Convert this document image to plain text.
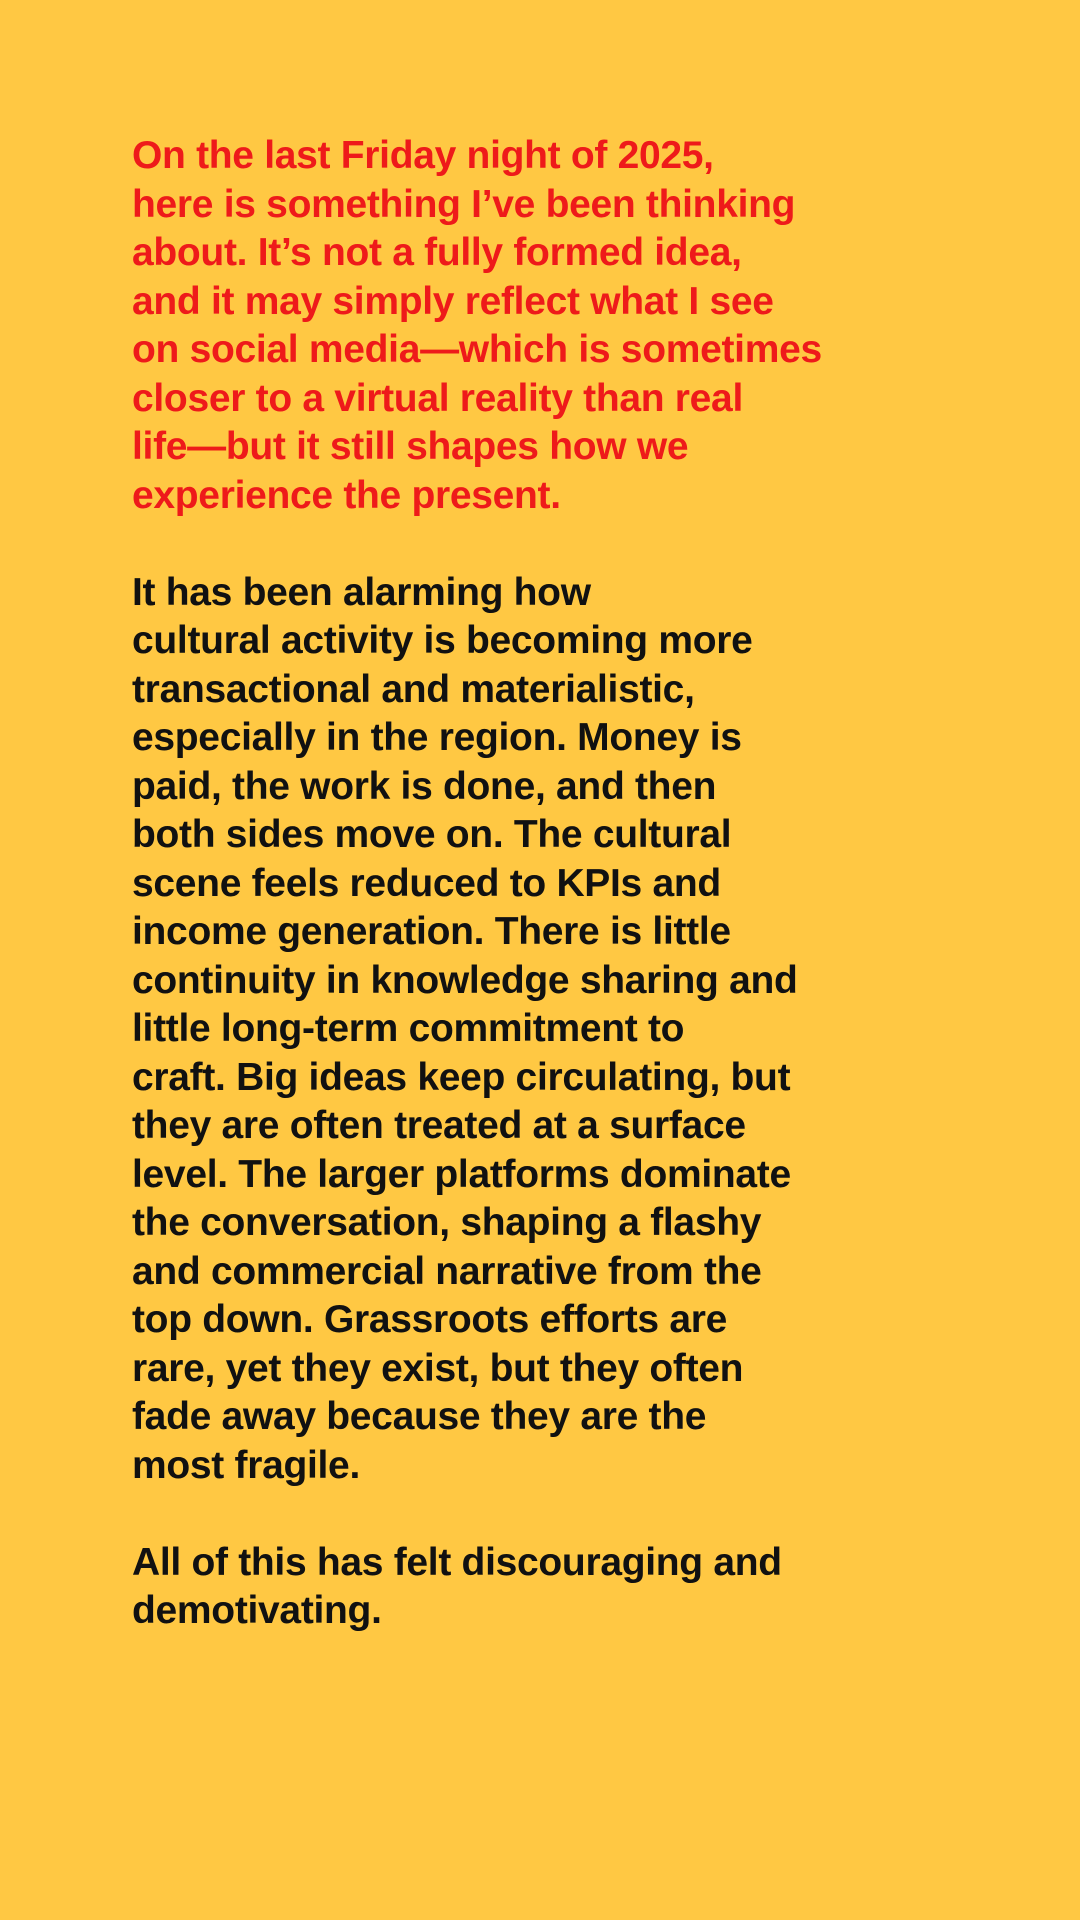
On the last Friday night of 2025,
here is something I’ve been thinking
about. It’s not a fully formed idea,
and it may simply reflect what I see
on social media—which is sometimes
closer to a virtual reality than real
life—but it still shapes how we
experience the present.

It has been alarming how
cultural activity is becoming more
transactional and materialistic,
especially in the region. Money is
paid, the work is done, and then
both sides move on. The cultural
scene feels reduced to KPIs and
income generation. There is little
continuity in knowledge sharing and
little long-term commitment to
craft. Big ideas keep circulating, but
they are often treated at a surface
level. The larger platforms dominate
the conversation, shaping a flashy
and commercial narrative from the
top down. Grassroots efforts are
rare, yet they exist, but they often
fade away because they are the
most fragile.

All of this has felt discouraging and
demotivating.
